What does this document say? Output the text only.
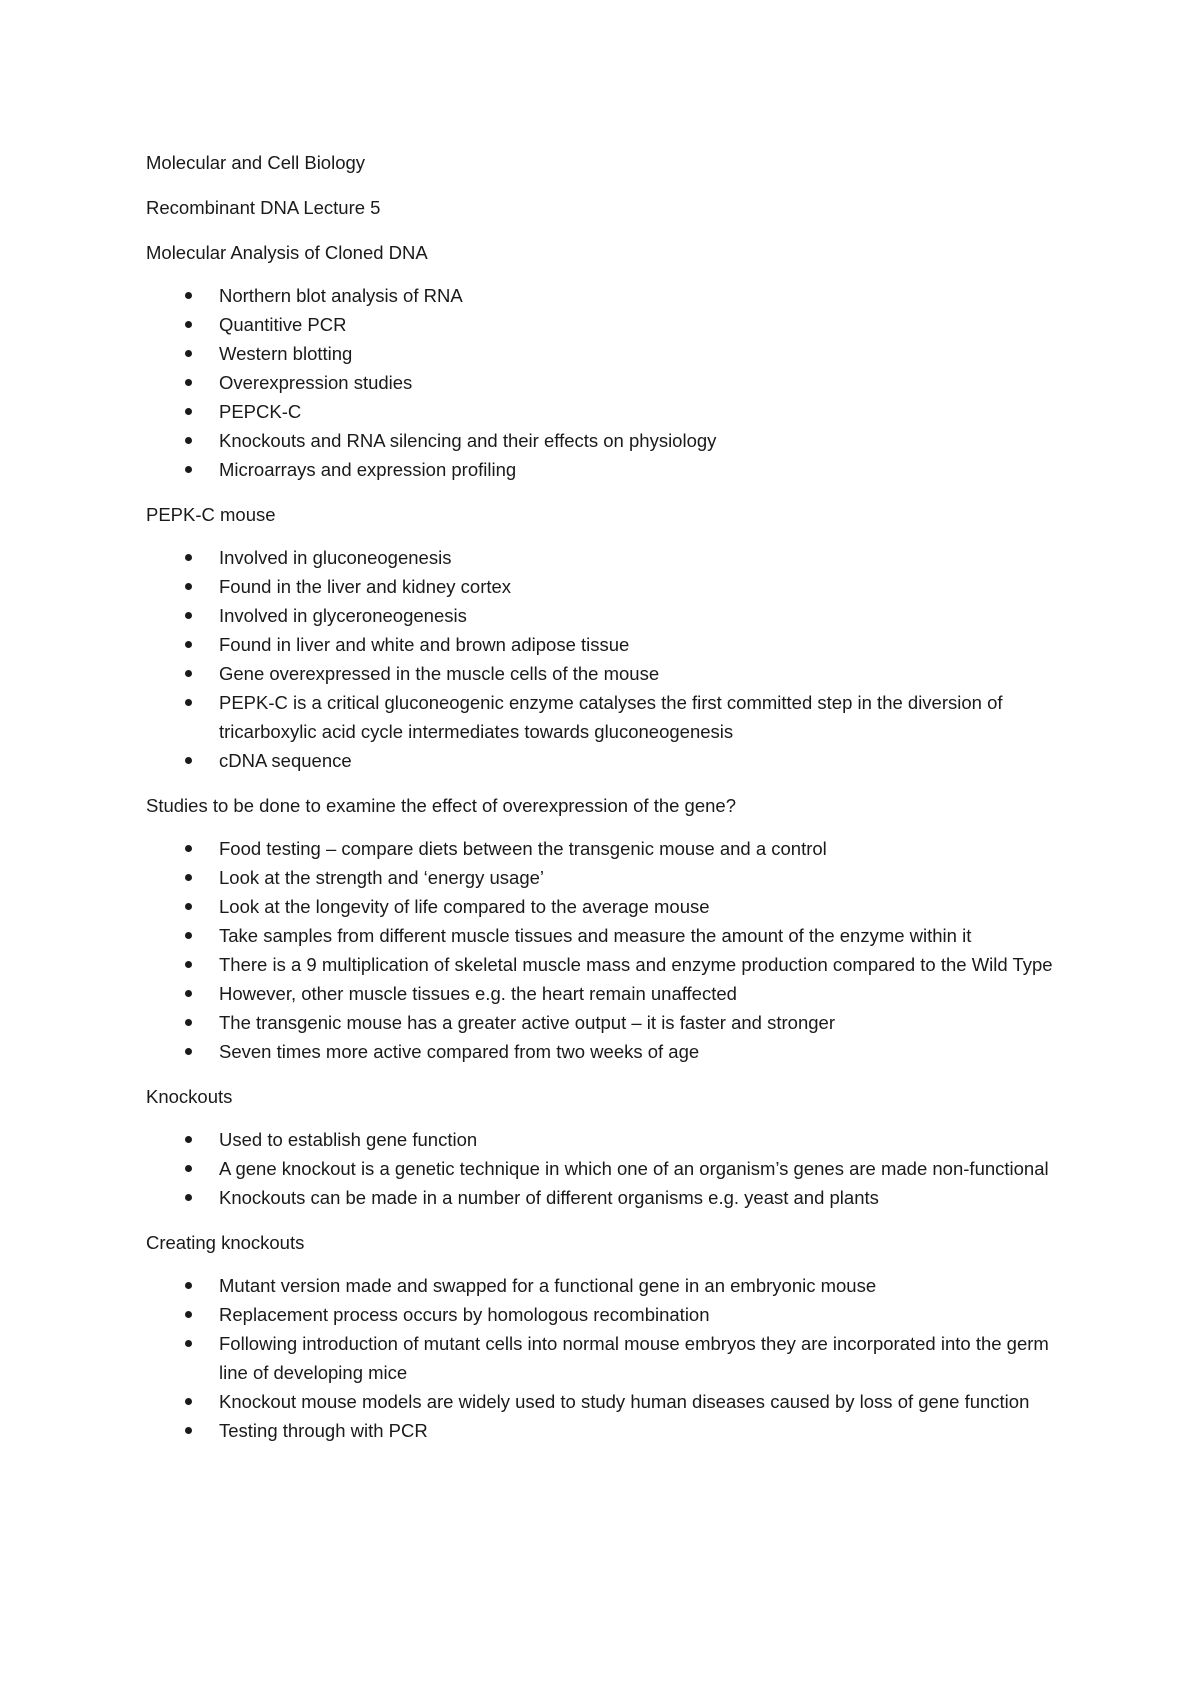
Molecular and Cell Biology

Recombinant DNA Lecture 5

Molecular Analysis of Cloned DNA

Northern blot analysis of RNA
Quantitive PCR
Western blotting
Overexpression studies
PEPCK-C
Knockouts and RNA silencing and their effects on physiology
Microarrays and expression profiling

PEPK-C mouse

Involved in gluconeogenesis
Found in the liver and kidney cortex
Involved in glyceroneogenesis
Found in liver and white and brown adipose tissue
Gene overexpressed in the muscle cells of the mouse
PEPK-C is a critical gluconeogenic enzyme catalyses the first committed step in the diversion of tricarboxylic acid cycle intermediates towards gluconeogenesis
cDNA sequence

Studies to be done to examine the effect of overexpression of the gene?

Food testing – compare diets between the transgenic mouse and a control
Look at the strength and ‘energy usage’
Look at the longevity of life compared to the average mouse
Take samples from different muscle tissues and measure the amount of the enzyme within it
There is a 9 multiplication of skeletal muscle mass and enzyme production compared to the Wild Type
However, other muscle tissues e.g. the heart remain unaffected
The transgenic mouse has a greater active output – it is faster and stronger
Seven times more active compared from two weeks of age

Knockouts

Used to establish gene function
A gene knockout is a genetic technique in which one of an organism’s genes are made non-functional
Knockouts can be made in a number of different organisms e.g. yeast and plants

Creating knockouts

Mutant version made and swapped for a functional gene in an embryonic mouse
Replacement process occurs by homologous recombination
Following introduction of mutant cells into normal mouse embryos they are incorporated into the germ line of developing mice
Knockout mouse models are widely used to study human diseases caused by loss of gene function
Testing through with PCR
